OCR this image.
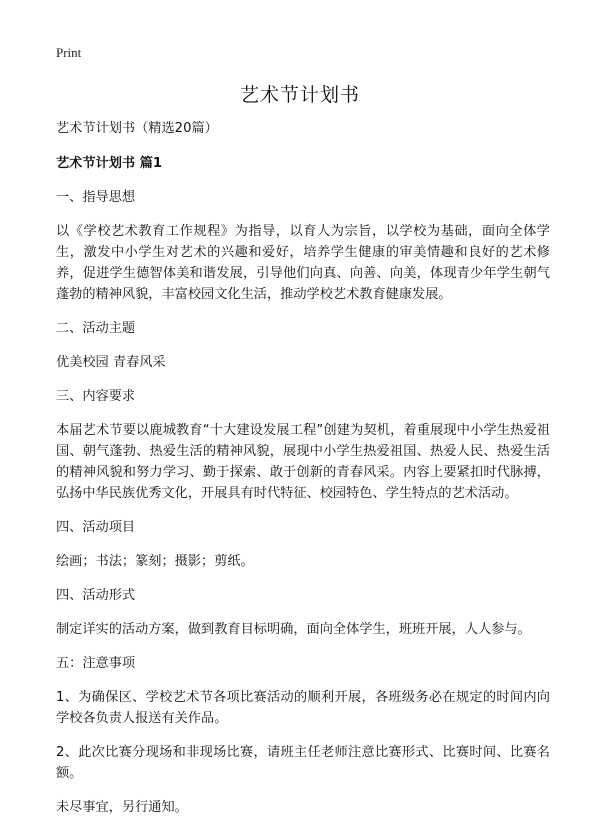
Print
艺术节计划书

艺术节计划书（精选20篇）

艺术节计划书 篇1

一、指导思想

以《学校艺术教育工作规程》为指导，以育人为宗旨，以学校为基础，面向全体学生，激发中小学生对艺术的兴趣和爱好，培养学生健康的审美情趣和良好的艺术修养，促进学生德智体美和谐发展，引导他们向真、向善、向美，体现青少年学生朝气蓬勃的精神风貌，丰富校园文化生活，推动学校艺术教育健康发展。

二、活动主题

优美校园 青春风采

三、内容要求

本届艺术节要以鹿城教育“十大建设发展工程”创建为契机，着重展现中小学生热爱祖国、朝气蓬勃、热爱生活的精神风貌，展现中小学生热爱祖国、热爱人民、热爱生活的精神风貌和努力学习、勤于探索、敢于创新的青春风采。内容上要紧扣时代脉搏，弘扬中华民族优秀文化，开展具有时代特征、校园特色、学生特点的艺术活动。

四、活动项目

绘画；书法；篆刻；摄影；剪纸。

四、活动形式

制定详实的活动方案，做到教育目标明确，面向全体学生，班班开展，人人参与。

五：注意事项

1、为确保区、学校艺术节各项比赛活动的顺利开展，各班级务必在规定的时间内向学校各负责人报送有关作品。

2、此次比赛分现场和非现场比赛，请班主任老师注意比赛形式、比赛时间、比赛名额。

未尽事宜，另行通知。
